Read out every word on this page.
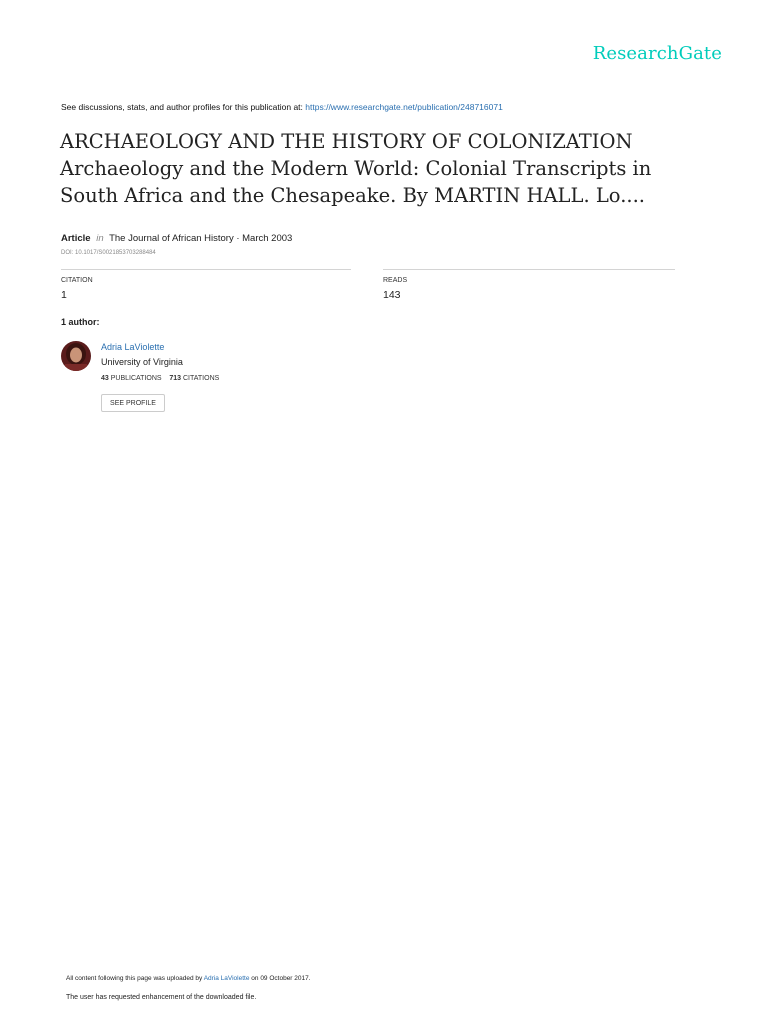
ResearchGate
See discussions, stats, and author profiles for this publication at: https://www.researchgate.net/publication/248716071
ARCHAEOLOGY AND THE HISTORY OF COLONIZATION
Archaeology and the Modern World: Colonial Transcripts in
South Africa and the Chesapeake. By MARTIN HALL. Lo....
Article in The Journal of African History · March 2003
DOI: 10.1017/S0021853703288484
CITATION
1
READS
143
1 author:
Adria LaViolette
University of Virginia
43 PUBLICATIONS 713 CITATIONS
SEE PROFILE
All content following this page was uploaded by Adria LaViolette on 09 October 2017.
The user has requested enhancement of the downloaded file.
